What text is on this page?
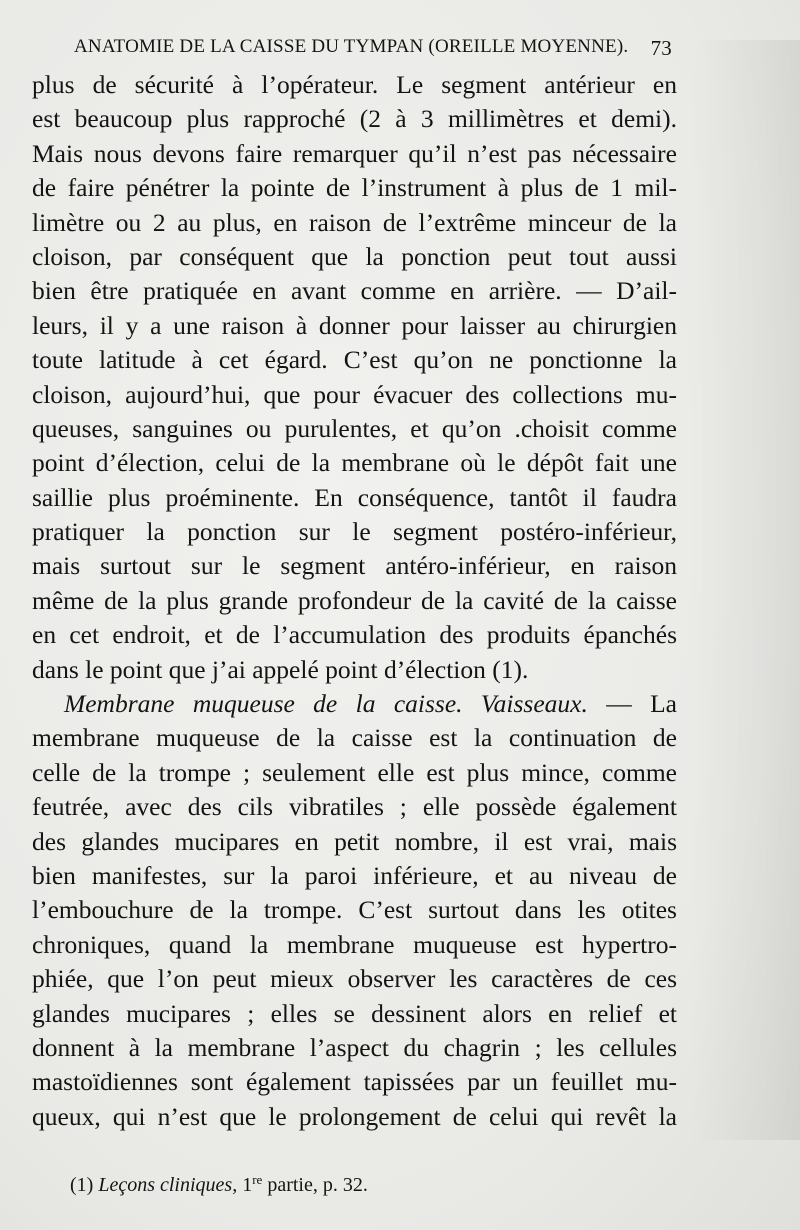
ANATOMIE DE LA CAISSE DU TYMPAN (OREILLE MOYENNE). 73
plus de sécurité à l’opérateur. Le segment antérieur en
est beaucoup plus rapproché (2 à 3 millimètres et demi).
Mais nous devons faire remarquer qu’il n’est pas nécessaire
de faire pénétrer la pointe de l’instrument à plus de 1 mil-
limètre ou 2 au plus, en raison de l’extrême minceur de la
cloison, par conséquent que la ponction peut tout aussi
bien être pratiquée en avant comme en arrière. — D’ail-
leurs, il y a une raison à donner pour laisser au chirurgien
toute latitude à cet égard. C’est qu’on ne ponctionne la
cloison, aujourd’hui, que pour évacuer des collections mu-
queuses, sanguines ou purulentes, et qu’on .choisit comme
point d’élection, celui de la membrane où le dépôt fait une
saillie plus proéminente. En conséquence, tantôt il faudra
pratiquer la ponction sur le segment postéro-inférieur,
mais surtout sur le segment antéro-inférieur, en raison
même de la plus grande profondeur de la cavité de la caisse
en cet endroit, et de l’accumulation des produits épanchés
dans le point que j’ai appelé point d’élection (1).
Membrane muqueuse de la caisse. Vaisseaux. — La
membrane muqueuse de la caisse est la continuation de
celle de la trompe ; seulement elle est plus mince, comme
feutrée, avec des cils vibratiles ; elle possède également
des glandes mucipares en petit nombre, il est vrai, mais
bien manifestes, sur la paroi inférieure, et au niveau de
l’embouchure de la trompe. C’est surtout dans les otites
chroniques, quand la membrane muqueuse est hypertro-
phiée, que l’on peut mieux observer les caractères de ces
glandes mucipares ; elles se dessinent alors en relief et
donnent à la membrane l’aspect du chagrin ; les cellules
mastoïdiennes sont également tapissées par un feuillet mu-
queux, qui n’est que le prolongement de celui qui revêt la
(1) Leçons cliniques, 1re partie, p. 32.
